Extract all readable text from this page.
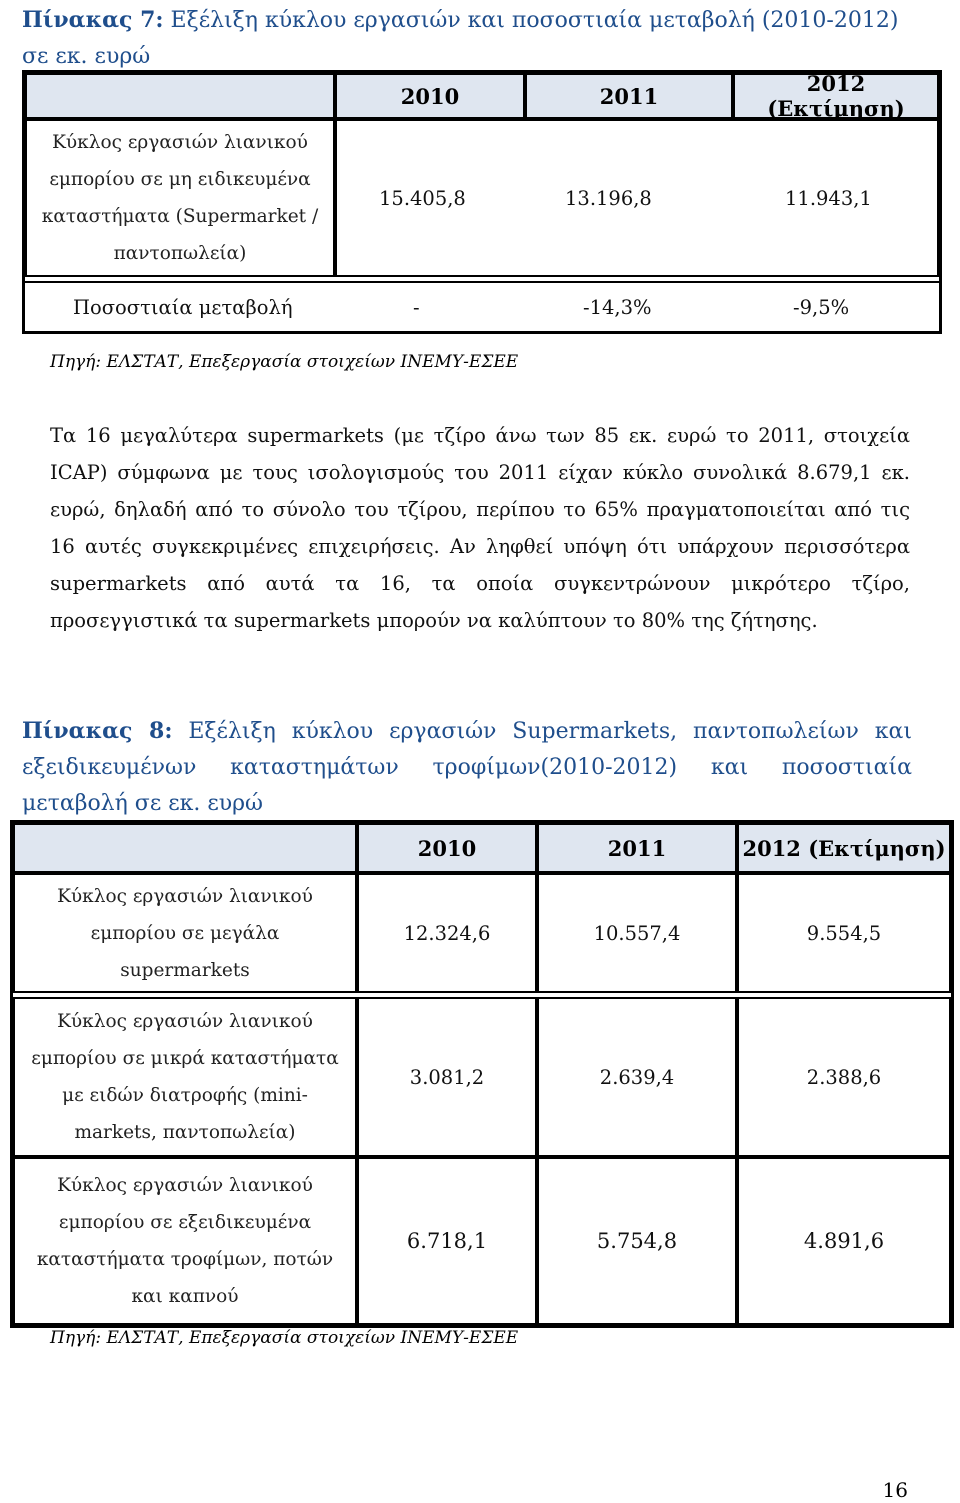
Πίνακας 7: Εξέλιξη κύκλου εργασιών και ποσοστιαία μεταβολή (2010-2012) σε εκ. ευρώ
2010	2011	2012 (Εκτίμηση)
Κύκλος εργασιών λιανικού εμπορίου σε μη ειδικευμένα καταστήματα (Supermarket / παντοπωλεία)
15.405,8	13.196,8	11.943,1
Ποσοστιαία μεταβολή	-	-14,3%	-9,5%
Πηγή: ΕΛΣΤΑΤ, Επεξεργασία στοιχείων ΙΝΕΜΥ-ΕΣΕΕ
Τα 16 μεγαλύτερα supermarkets (με τζίρο άνω των 85 εκ. ευρώ το 2011, στοιχεία ICAP) σύμφωνα με τους ισολογισμούς του 2011 είχαν κύκλο συνολικά 8.679,1 εκ. ευρώ, δηλαδή από το σύνολο του τζίρου, περίπου το 65% πραγματοποιείται από τις 16 αυτές συγκεκριμένες επιχειρήσεις. Αν ληφθεί υπόψη ότι υπάρχουν περισσότερα supermarkets από αυτά τα 16, τα οποία συγκεντρώνουν μικρότερο τζίρο, προσεγγιστικά τα supermarkets μπορούν να καλύπτουν το 80% της ζήτησης.
Πίνακας 8: Εξέλιξη κύκλου εργασιών Supermarkets, παντοπωλείων και εξειδικευμένων καταστημάτων τροφίμων(2010-2012) και ποσοστιαία μεταβολή σε εκ. ευρώ
2010	2011	2012 (Εκτίμηση)
Κύκλος εργασιών λιανικού εμπορίου σε μεγάλα supermarkets
12.324,6	10.557,4	9.554,5
Κύκλος εργασιών λιανικού εμπορίου σε μικρά καταστήματα με ειδών διατροφής (mini-markets, παντοπωλεία)
3.081,2	2.639,4	2.388,6
Κύκλος εργασιών λιανικού εμπορίου σε εξειδικευμένα καταστήματα τροφίμων, ποτών και καπνού
6.718,1	5.754,8	4.891,6
Πηγή: ΕΛΣΤΑΤ, Επεξεργασία στοιχείων ΙΝΕΜΥ-ΕΣΕΕ
16
